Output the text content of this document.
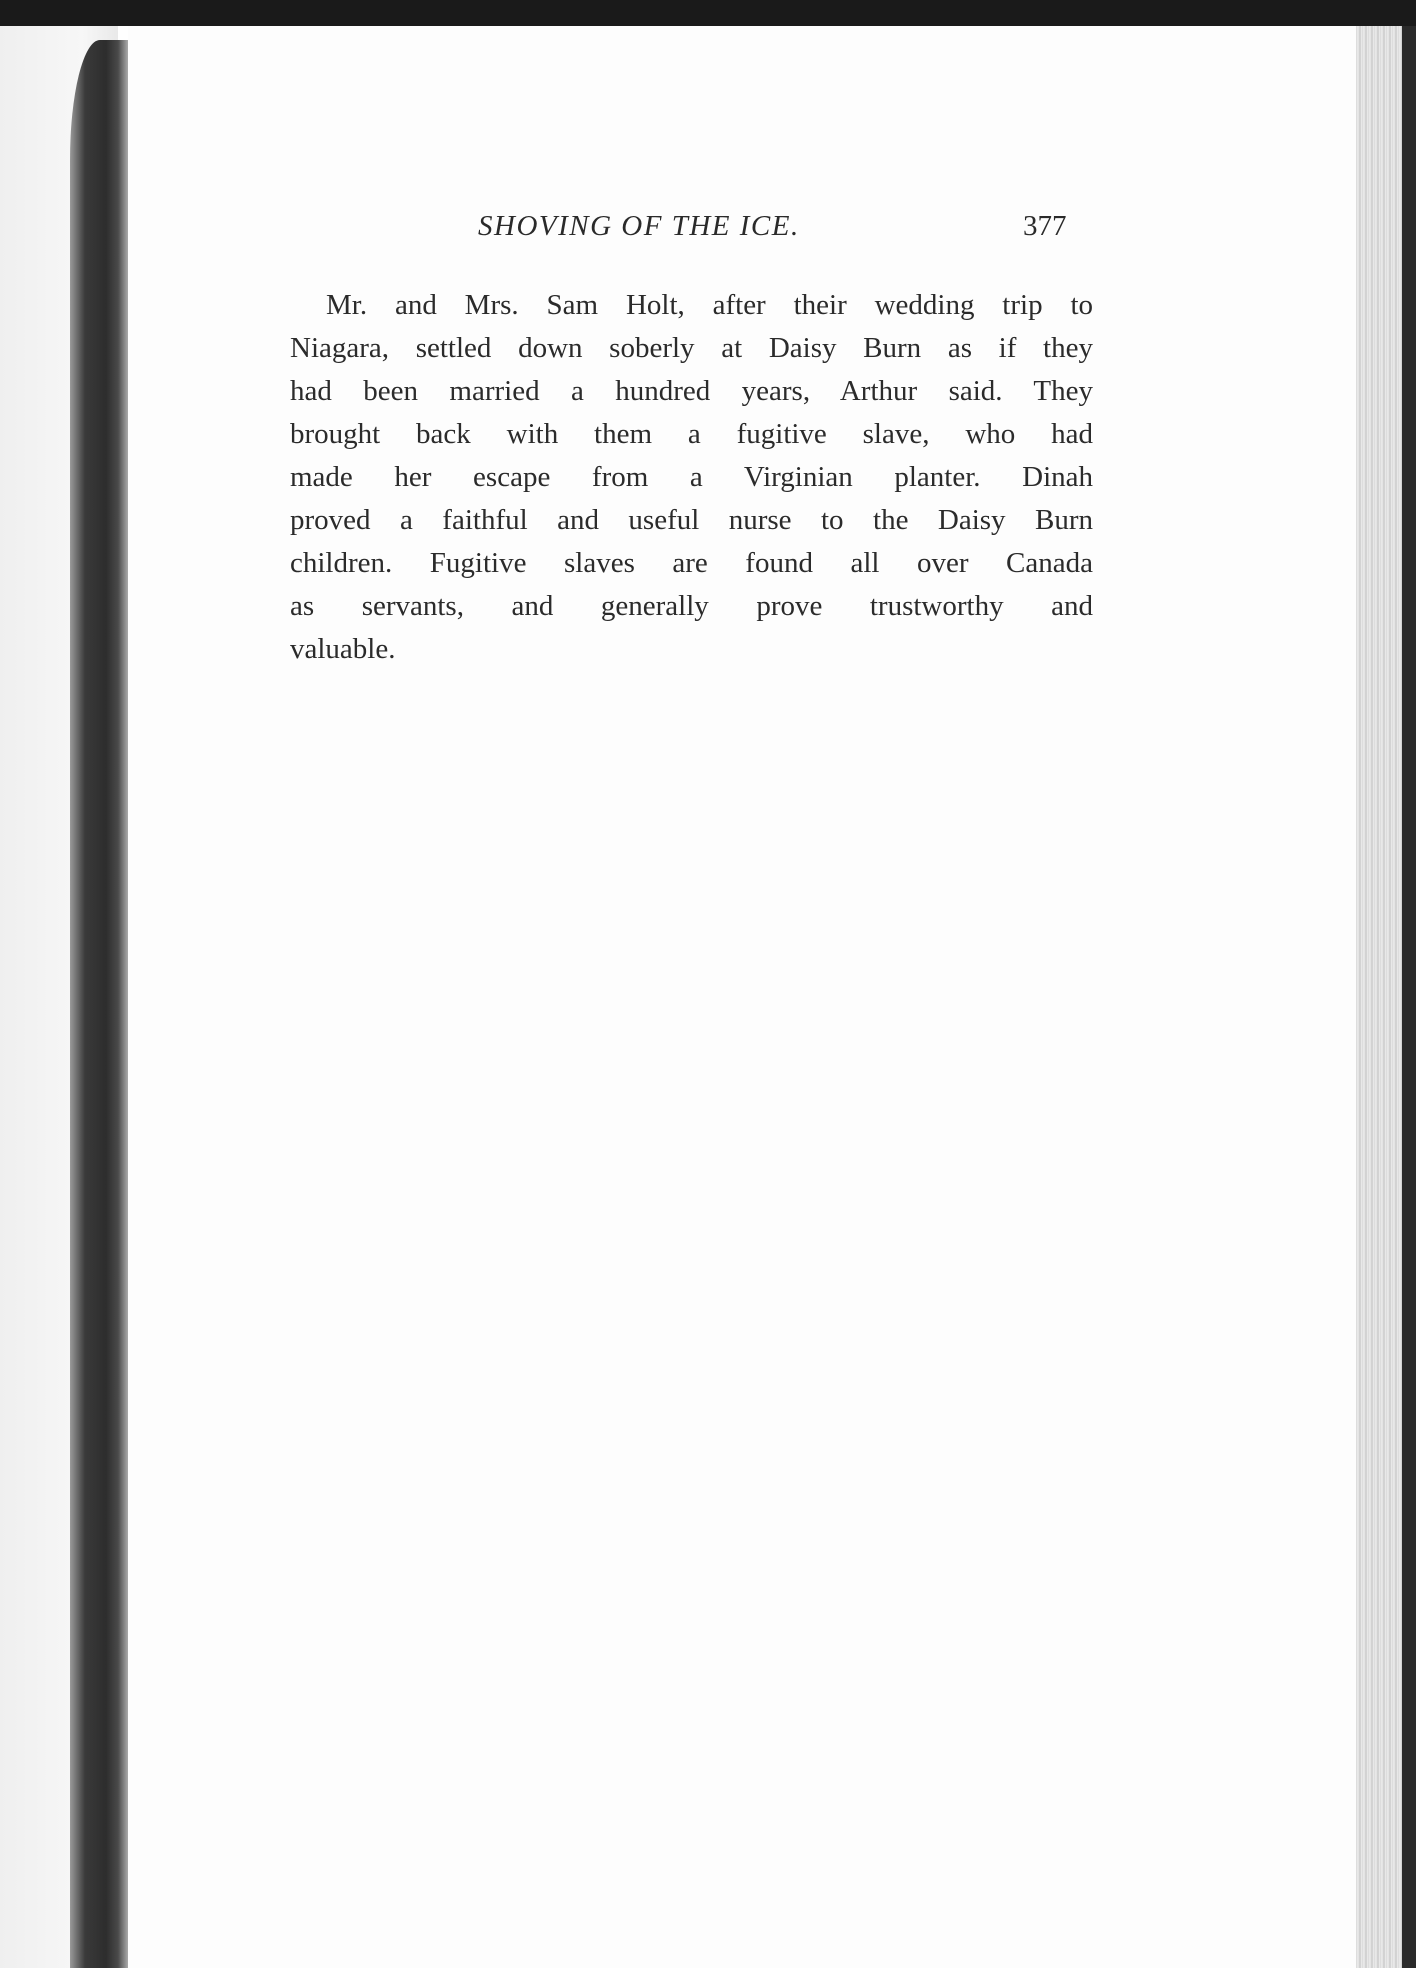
SHOVING OF THE ICE.	377
Mr. and Mrs. Sam Holt, after their wedding trip to
Niagara, settled down soberly at Daisy Burn as if they
had been married a hundred years, Arthur said. They
brought back with them a fugitive slave, who had
made her escape from a Virginian planter. Dinah
proved a faithful and useful nurse to the Daisy Burn
children. Fugitive slaves are found all over Canada
as servants, and generally prove trustworthy and
valuable.
